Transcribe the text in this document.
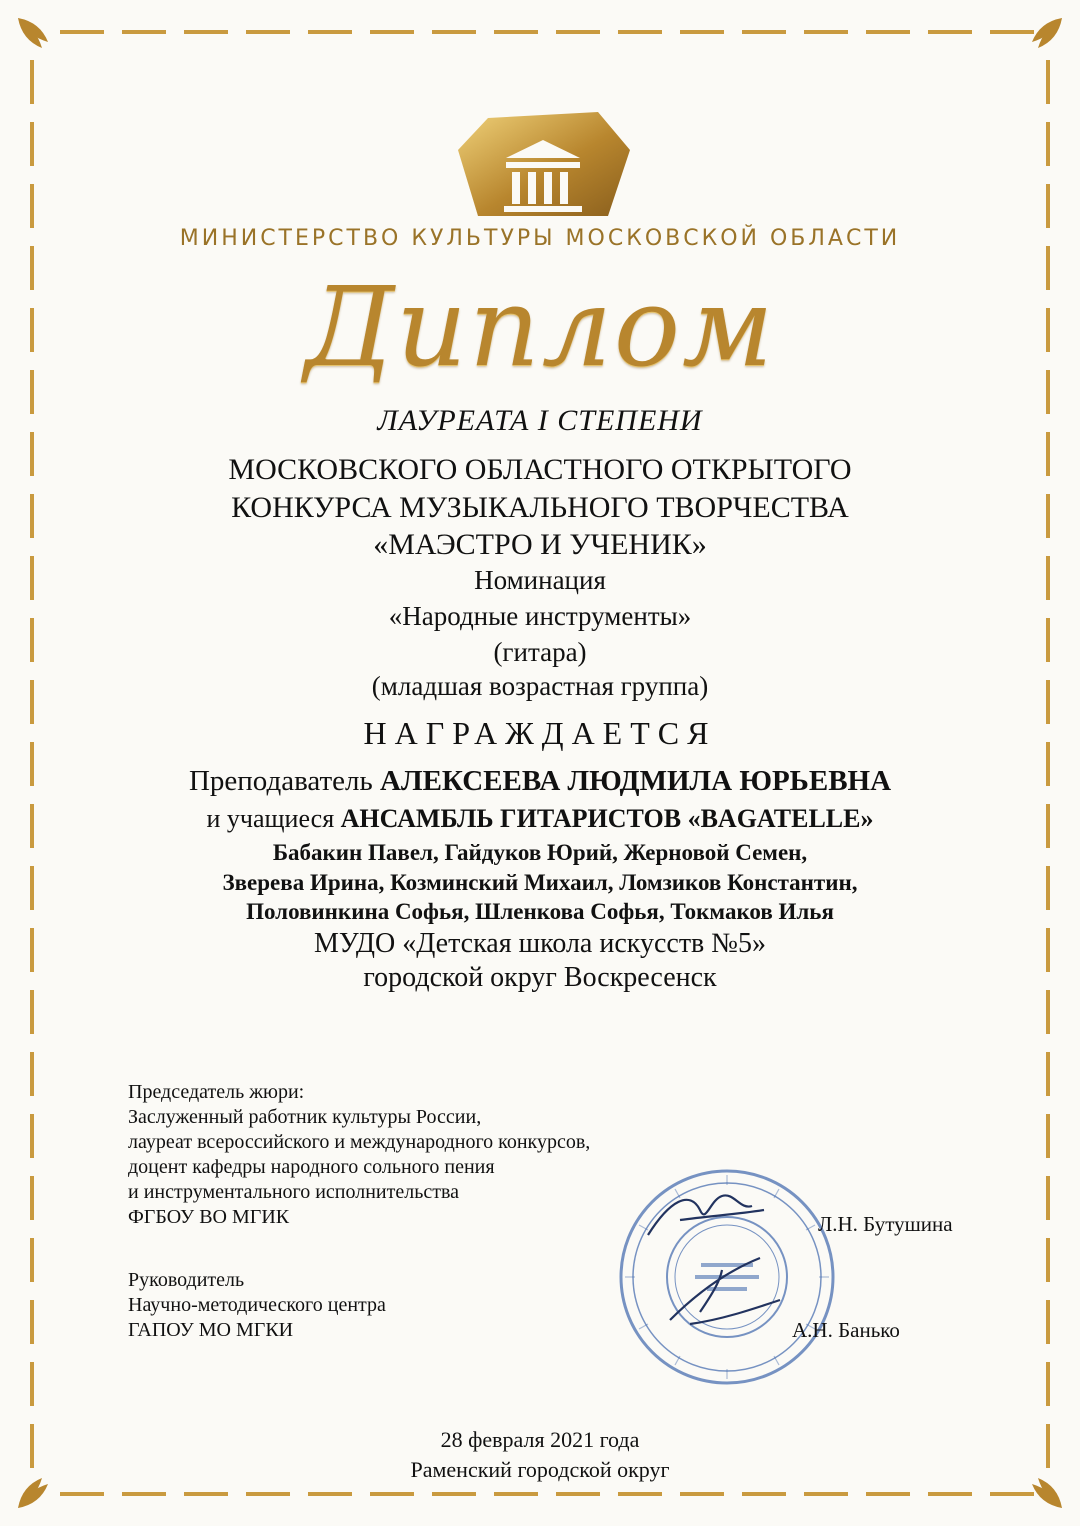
МИНИСТЕРСТВО КУЛЬТУРЫ МОСКОВСКОЙ ОБЛАСТИ
Диплом
ЛАУРЕАТА I СТЕПЕНИ
МОСКОВСКОГО ОБЛАСТНОГО ОТКРЫТОГО
КОНКУРСА МУЗЫКАЛЬНОГО ТВОРЧЕСТВА
«МАЭСТРО И УЧЕНИК»
Номинация
«Народные инструменты»
(гитара)
(младшая возрастная группа)
НАГРАЖДАЕТСЯ
Преподаватель АЛЕКСЕЕВА ЛЮДМИЛА ЮРЬЕВНА
и учащиеся АНСАМБЛЬ ГИТАРИСТОВ «BAGATELLE»
Бабакин Павел, Гайдуков Юрий, Жерновой Семен,
Зверева Ирина, Козминский Михаил, Ломзиков Константин,
Половинкина Софья, Шленкова Софья, Токмаков Илья
МУДО «Детская школа искусств №5»
городской округ Воскресенск
Председатель жюри:
Заслуженный работник культуры России,
лауреат всероссийского и международного конкурсов,
доцент кафедры народного сольного пения
и инструментального исполнительства
ФГБОУ ВО МГИК
Руководитель
Научно-методического центра
ГАПОУ МО МГКИ
Л.Н. Бутушина
А.Н. Банько
28 февраля 2021 года
Раменский городской округ
